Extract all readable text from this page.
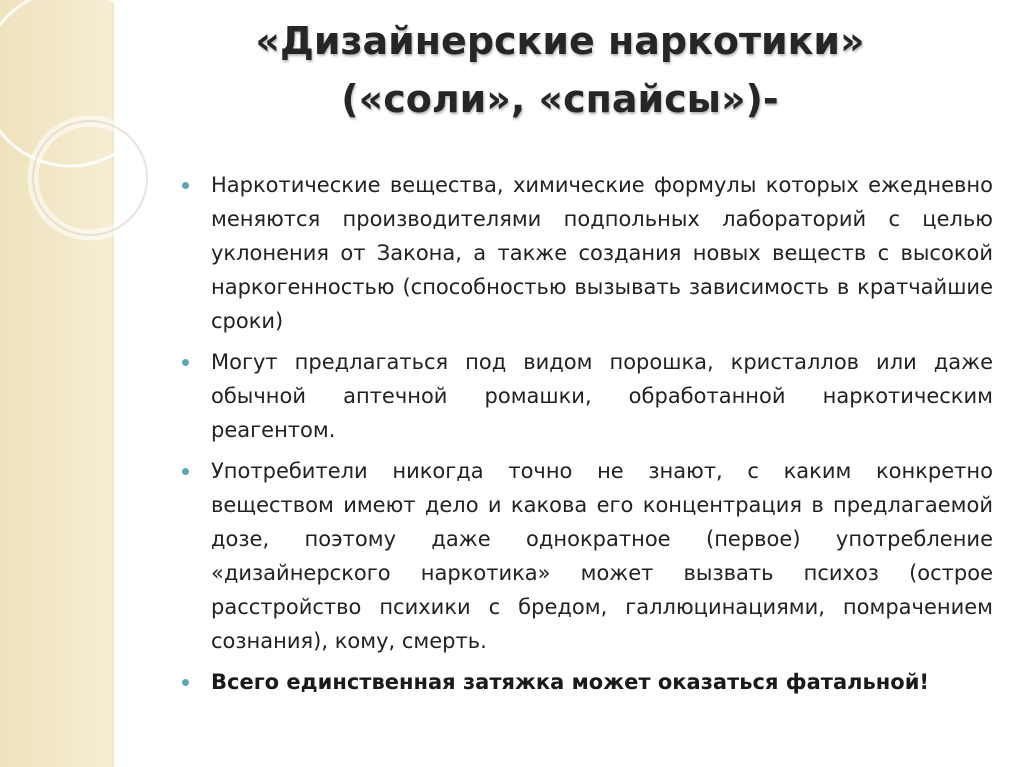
«Дизайнерские наркотики»
(«соли», «спайсы»)-
Наркотические вещества, химические формулы которых ежедневно меняются производителями подпольных лабораторий с целью уклонения от Закона, а также создания новых веществ с высокой наркогенностью (способностью вызывать зависимость в кратчайшие сроки)
Могут предлагаться под видом порошка, кристаллов или даже обычной аптечной ромашки, обработанной наркотическим реагентом.
Употребители никогда точно не знают, с каким конкретно веществом имеют дело и какова его концентрация в предлагаемой дозе, поэтому даже однократное (первое) употребление «дизайнерского наркотика» может вызвать психоз (острое расстройство психики с бредом, галлюцинациями, помрачением сознания), кому, смерть.
Всего единственная затяжка может оказаться фатальной!
